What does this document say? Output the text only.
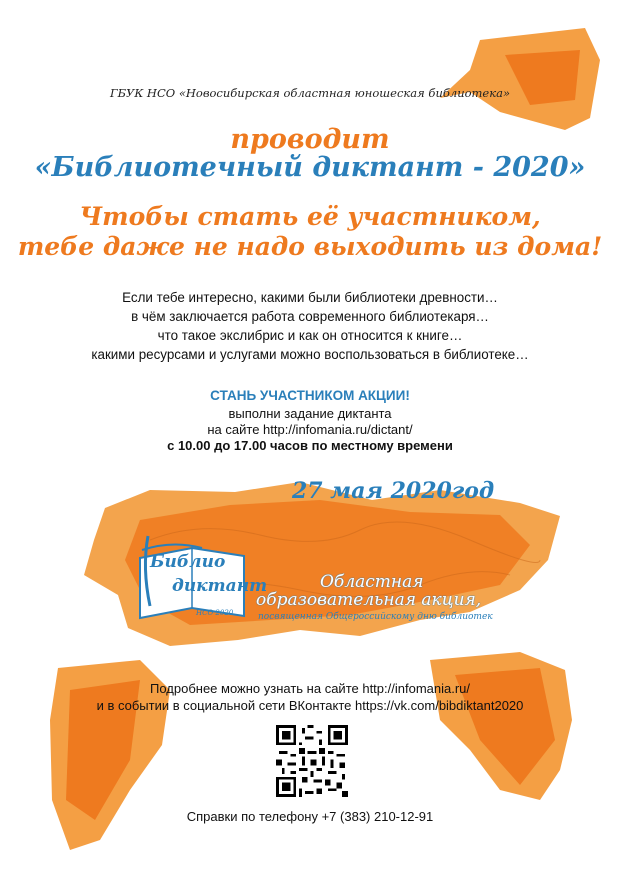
ГБУК НСО «Новосибирская областная юношеская библиотека»
проводит
«Библиотечный диктант - 2020»
Чтобы стать её участником,
тебе даже не надо выходить из дома!
Если тебе интересно, какими были библиотеки древности…
в чём заключается работа современного библиотекаря…
что такое экслибрис и как он относится к книге…
какими ресурсами и услугами можно воспользоваться в библиотеке…
СТАНЬ УЧАСТНИКОМ АКЦИИ!
выполни задание диктанта
на сайте http://infomania.ru/dictant/
с 10.00 до 17.00 часов по местному времени
27 мая 2020год
Библио
диктант
НСО 2020
Областная
образовательная акция,
посвященная Общероссийскому дню библиотек
Подробнее можно узнать на сайте http://infomania.ru/
и в событии в социальной сети ВКонтакте https://vk.com/bibdiktant2020
Справки по телефону +7 (383) 210-12-91
